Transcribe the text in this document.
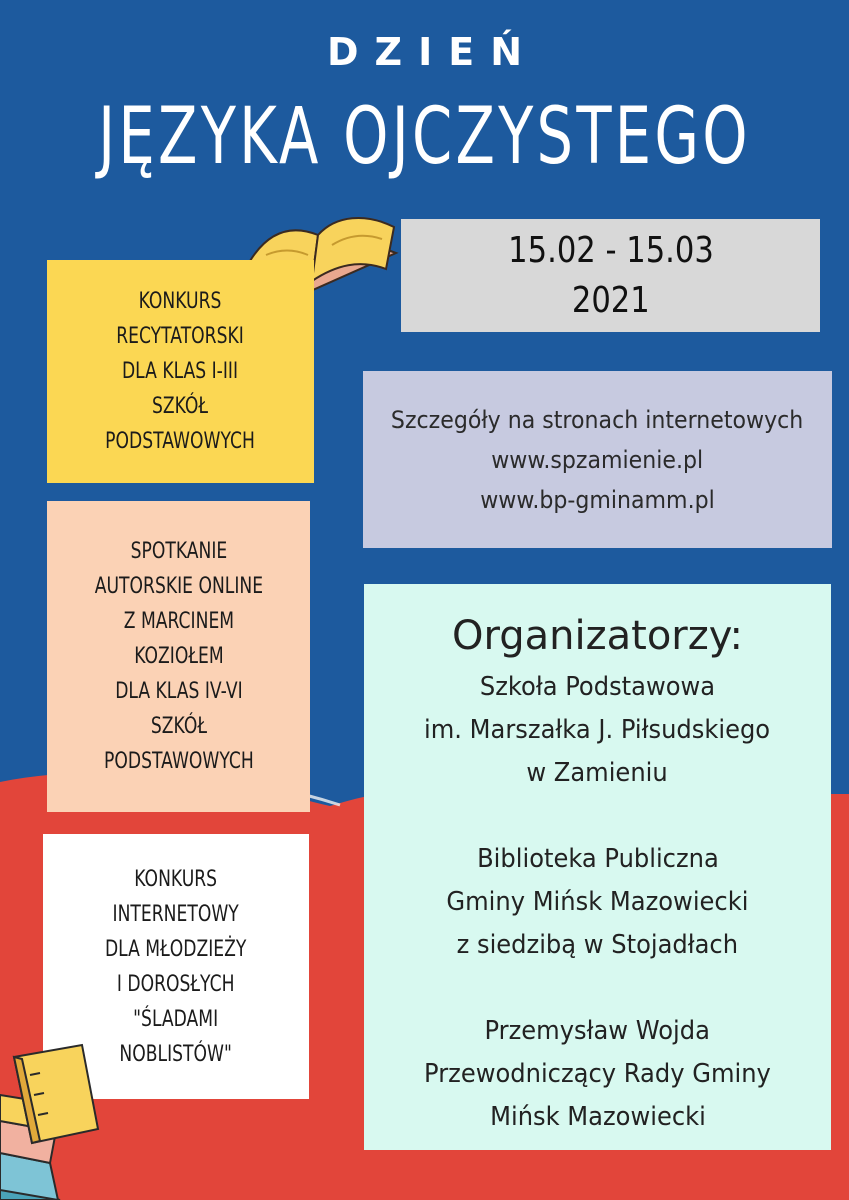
DZIEŃ
JĘZYKA OJCZYSTEGO
KONKURS
RECYTATORSKI
DLA KLAS I-III
SZKÓŁ
PODSTAWOWYCH
SPOTKANIE
AUTORSKIE ONLINE
Z MARCINEM
KOZIOŁEM
DLA KLAS IV-VI
SZKÓŁ
PODSTAWOWYCH
KONKURS
INTERNETOWY
DLA MŁODZIEŻY
I DOROSŁYCH
"ŚLADAMI
NOBLISTÓW"
15.02 - 15.03
2021
Szczegóły na stronach internetowych
www.spzamienie.pl
www.bp-gminamm.pl
Organizatorzy:
Szkoła Podstawowa
im. Marszałka J. Piłsudskiego
w Zamieniu
Biblioteka Publiczna
Gminy Mińsk Mazowiecki
z siedzibą w Stojadłach
Przemysław Wojda
Przewodniczący Rady Gminy
Mińsk Mazowiecki
